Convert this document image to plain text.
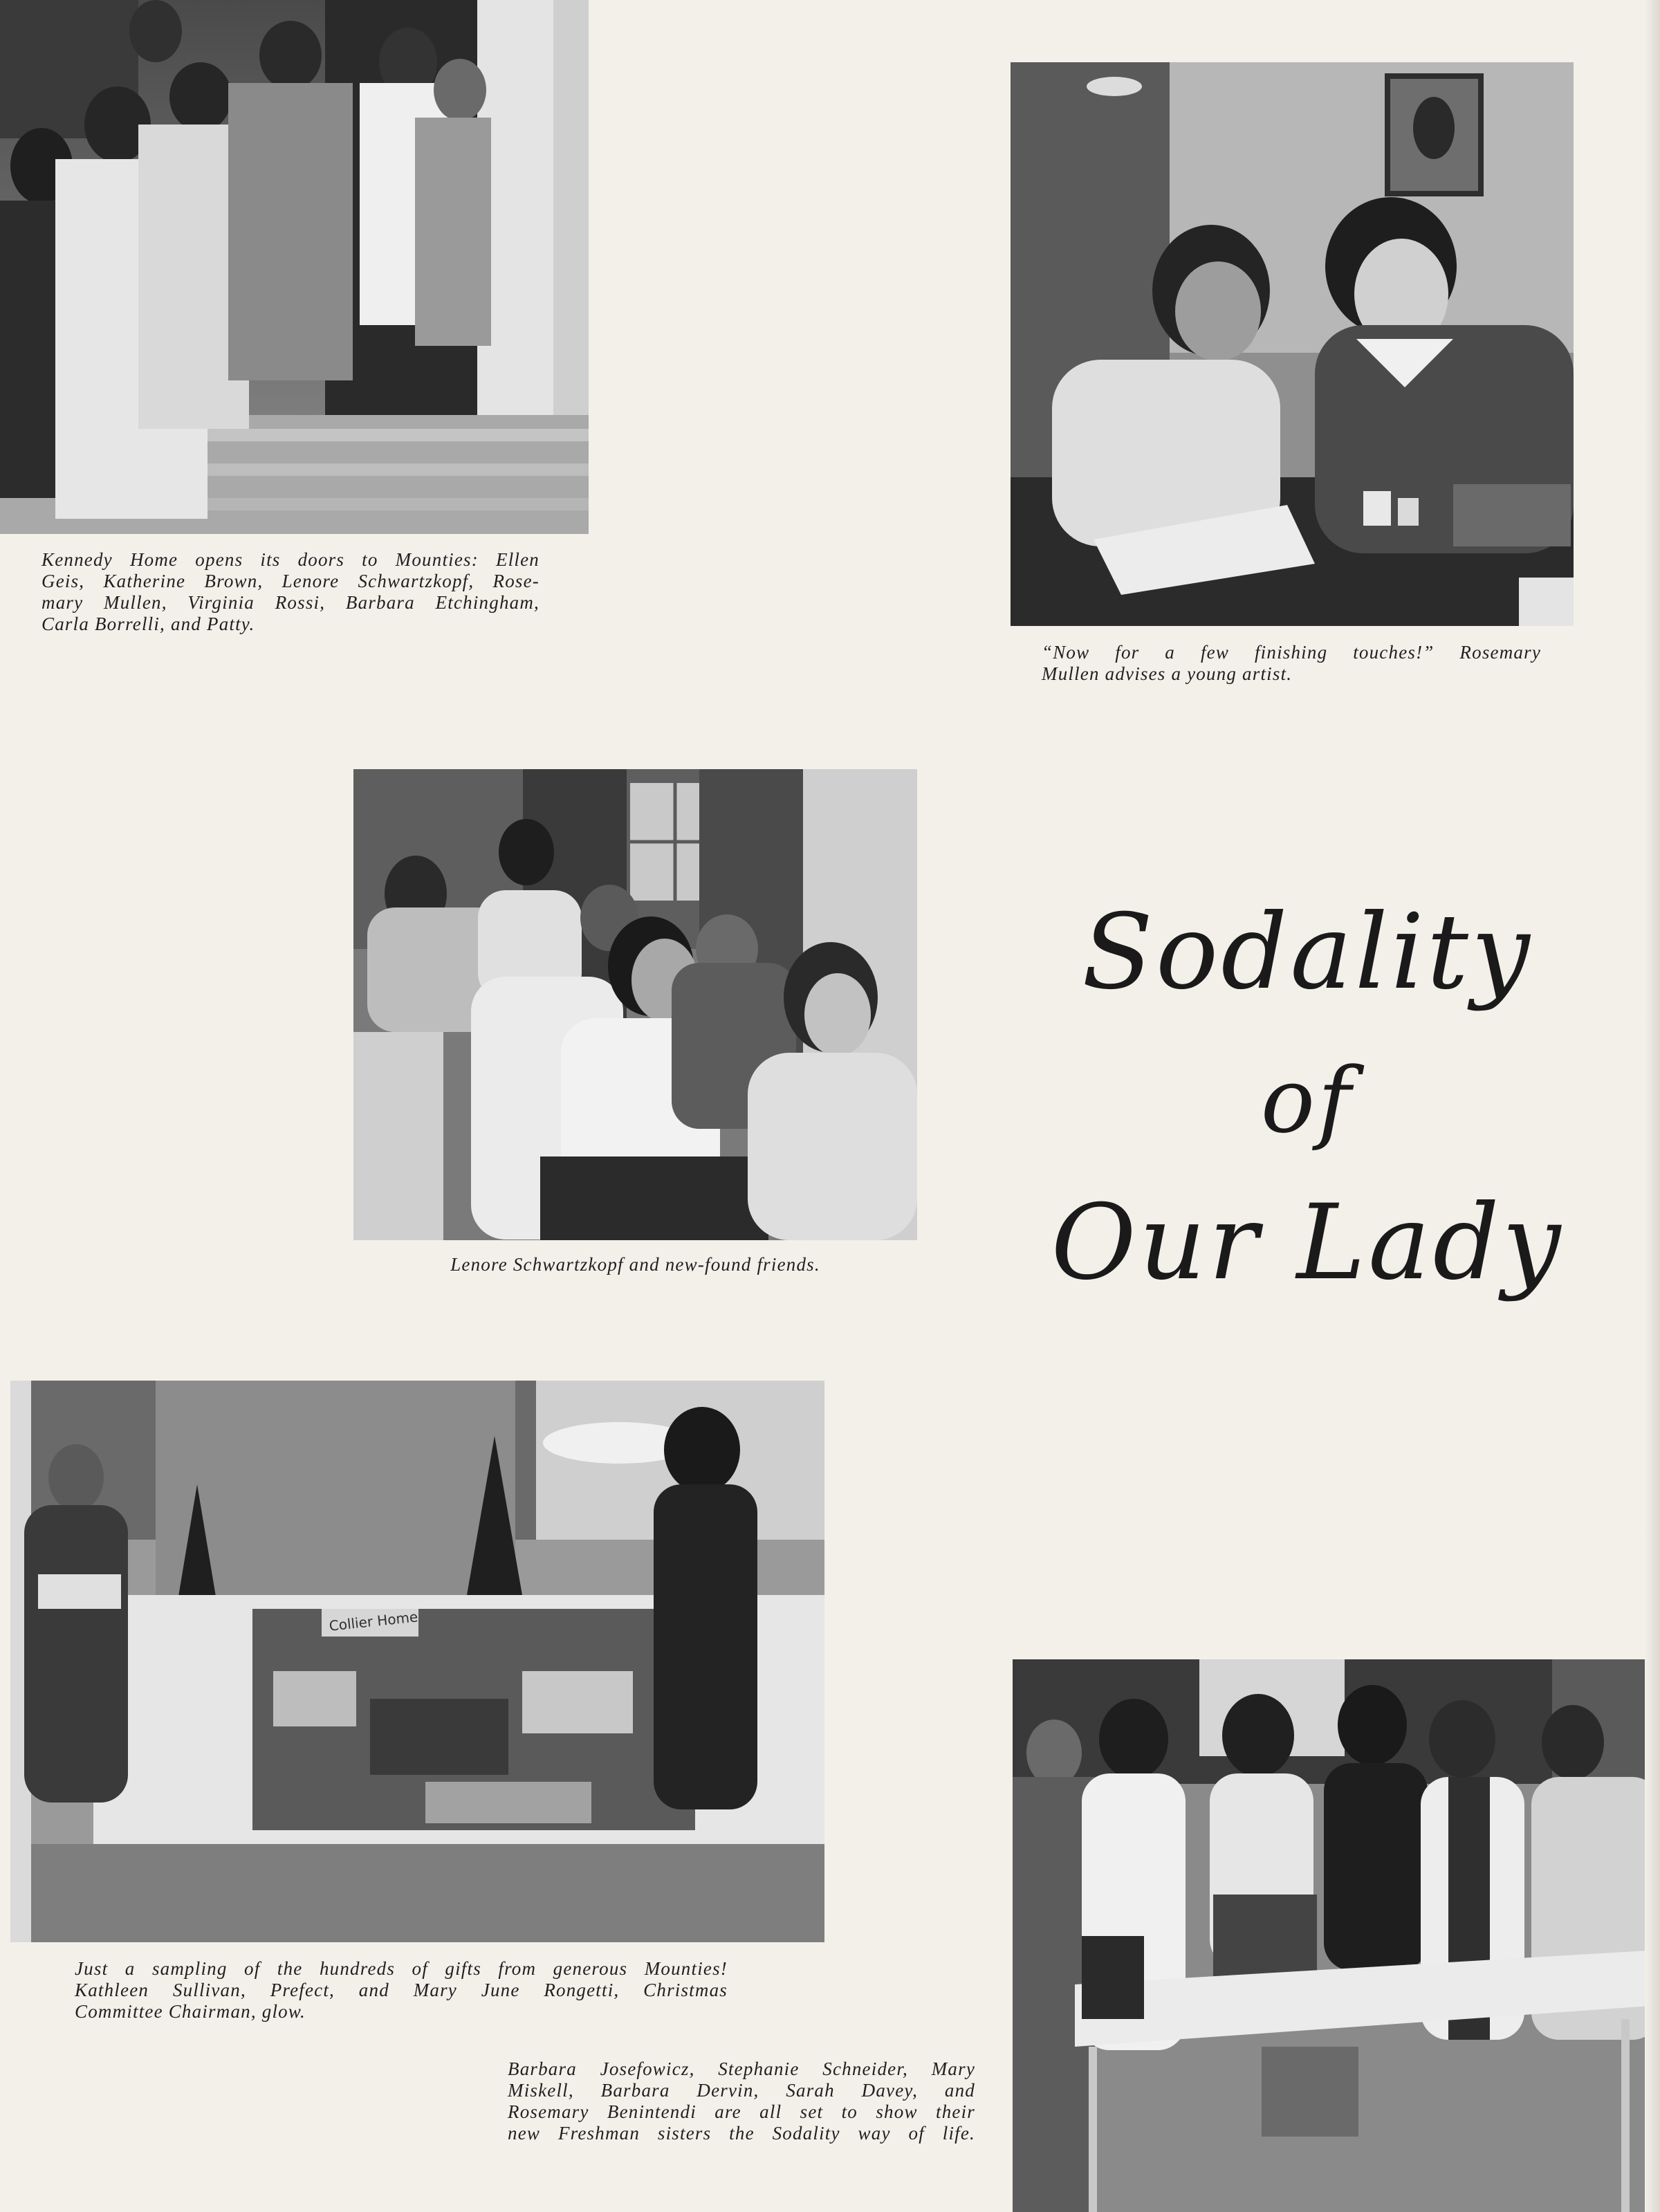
Kennedy Home opens its doors to Mounties: Ellen
Geis, Katherine Brown, Lenore Schwartzkopf, Rose-
mary Mullen, Virginia Rossi, Barbara Etchingham,
Carla Borrelli, and Patty.
“Now for a few finishing touches!” Rosemary
Mullen advises a young artist.
Lenore Schwartzkopf and new-found friends.
Sodality
of
Our Lady
Collier Home
Just a sampling of the hundreds of gifts from generous Mounties!
Kathleen Sullivan, Prefect, and Mary June Rongetti, Christmas
Committee Chairman, glow.
Barbara Josefowicz, Stephanie Schneider, Mary
Miskell, Barbara Dervin, Sarah Davey, and
Rosemary Benintendi are all set to show their
new Freshman sisters the Sodality way of life.
